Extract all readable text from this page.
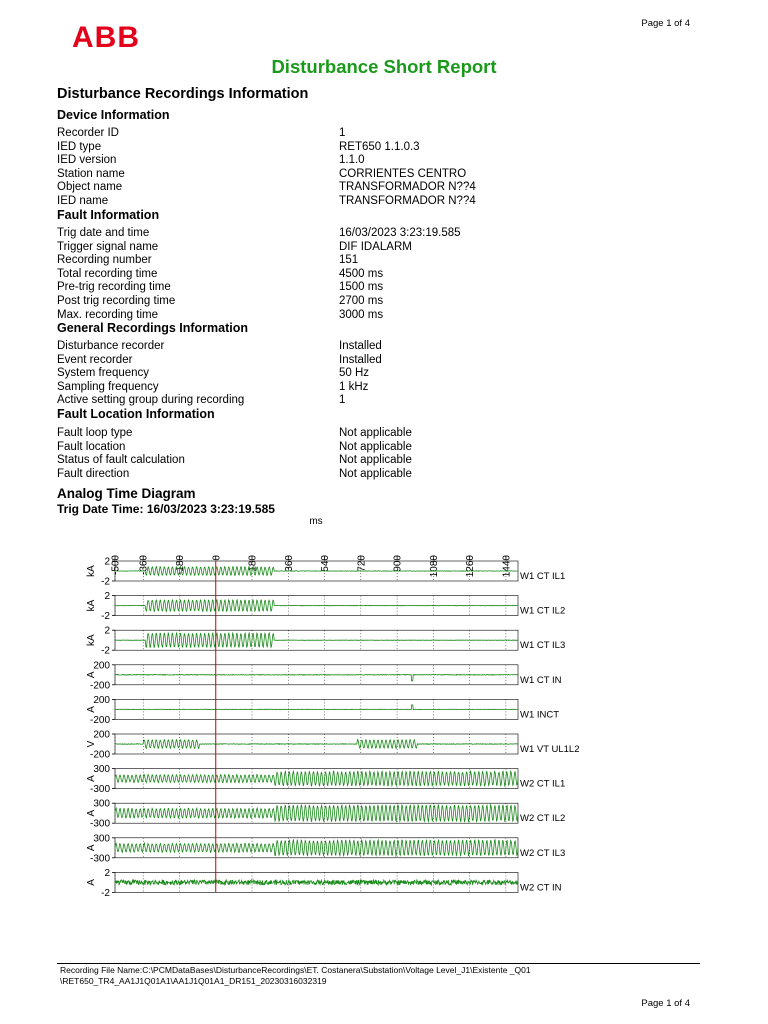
ABB	Page 1 of 4
Disturbance Short Report
Disturbance Recordings Information
Device Information
Recorder ID	1
IED type	RET650 1.1.0.3
IED version	1.1.0
Station name	CORRIENTES CENTRO
Object name	TRANSFORMADOR N??4
IED name	TRANSFORMADOR N??4
Fault Information
Trig date and time	16/03/2023 3:23:19.585
Trigger signal name	DIF IDALARM
Recording number	151
Total recording time	4500 ms
Pre-trig recording time	1500 ms
Post trig recording time	2700 ms
Max. recording time	3000 ms
General Recordings Information
Disturbance recorder	Installed
Event recorder	Installed
System frequency	50 Hz
Sampling frequency	1 kHz
Active setting group during recording	1
Fault Location Information
Fault loop type	Not applicable
Fault location	Not applicable
Status of fault calculation	Not applicable
Fault direction	Not applicable
Analog Time Diagram
Trig Date Time: 16/03/2023 3:23:19.585
ms
-500 -360	-180	0	180	360	540	720	900	1080	1260	1440
2
-2
kA	W1 CT IL1
2
-2
kA	W1 CT IL2
2
-2
kA	W1 CT IL3
200
-200
A	W1 CT IN
200
-200
A	W1 INCT
200
-200
V	W1 VT UL1L2
300
-300
A	W2 CT IL1
300
-300
A	W2 CT IL2
300
-300
A	W2 CT IL3
2
-2
A	W2 CT IN
Recording File Name:C:\PCMDataBases\DisturbanceRecordings\ET. Costanera\Substation\Voltage Level_J1\Existente _Q01
\RET650_TR4_AA1J1Q01A1\AA1J1Q01A1_DR151_20230316032319
Page 1 of 4
